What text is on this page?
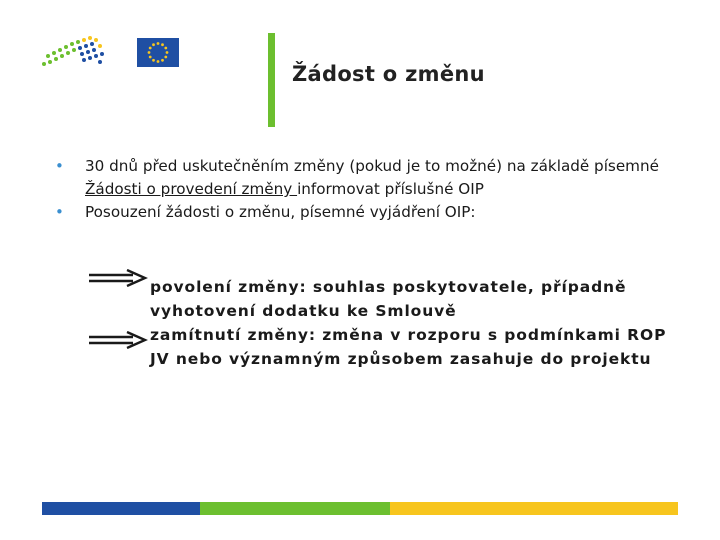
Žádost o změnu
• 30 dnů před uskutečněním změny (pokud je to možné) na základě písemné Žádosti o provedení změny informovat příslušné OIP
• Posouzení žádosti o změnu, písemné vyjádření OIP:
povolení změny: souhlas poskytovatele, případně vyhotovení dodatku ke Smlouvě
zamítnutí změny: změna v rozporu s podmínkami ROP JV nebo významným způsobem zasahuje do projektu
